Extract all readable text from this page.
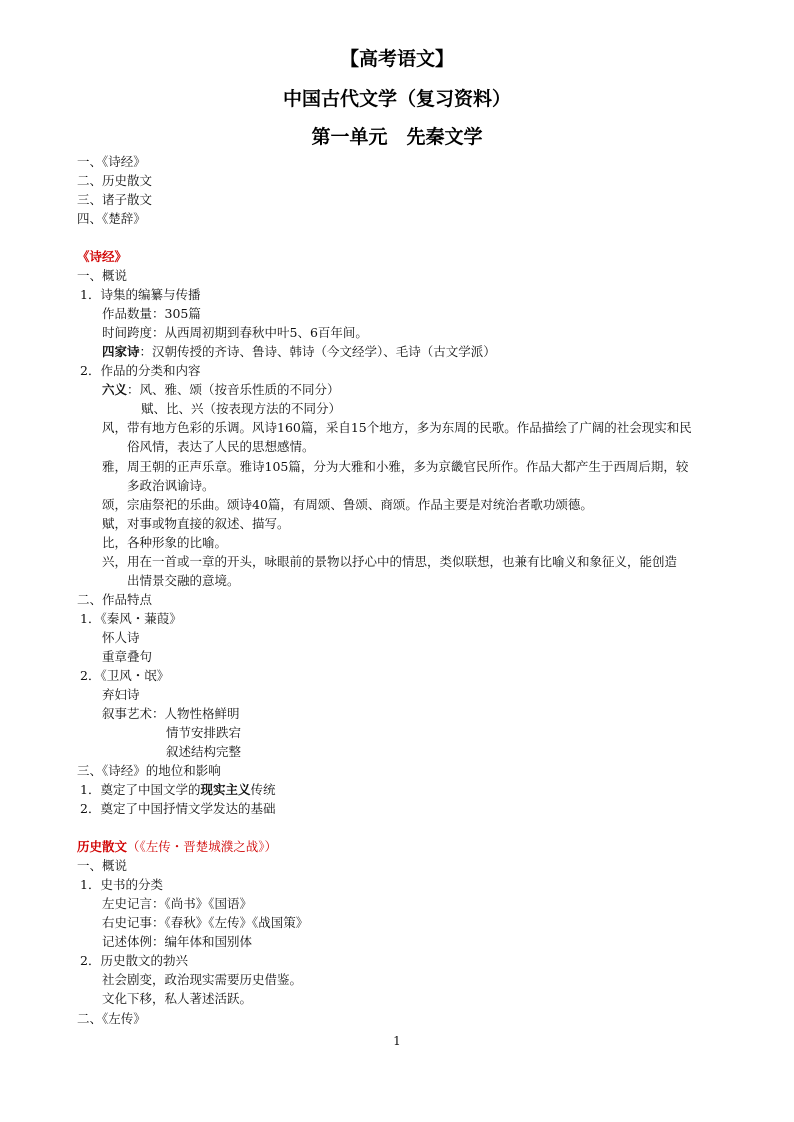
【高考语文】
中国古代文学（复习资料）
第一单元　先秦文学
一、《诗经》
二、历史散文
三、诸子散文
四、《楚辞》
《诗经》
一、概说
1．诗集的编纂与传播
作品数量：305篇
时间跨度：从西周初期到春秋中叶5、6百年间。
四家诗：汉朝传授的齐诗、鲁诗、韩诗（今文经学）、毛诗（古文学派）
2．作品的分类和内容
六义：风、雅、颂（按音乐性质的不同分）
赋、比、兴（按表现方法的不同分）
风，带有地方色彩的乐调。风诗160篇，采自15个地方，多为东周的民歌。作品描绘了广阔的社会现实和民
俗风情，表达了人民的思想感情。
雅，周王朝的正声乐章。雅诗105篇，分为大雅和小雅，多为京畿官民所作。作品大都产生于西周后期，较
多政治讽谕诗。
颂，宗庙祭祀的乐曲。颂诗40篇，有周颂、鲁颂、商颂。作品主要是对统治者歌功颂德。
赋，对事或物直接的叙述、描写。
比，各种形象的比喻。
兴，用在一首或一章的开头，咏眼前的景物以抒心中的情思，类似联想，也兼有比喻义和象征义，能创造
出情景交融的意境。
二、作品特点
1．《秦风・蒹葭》
怀人诗
重章叠句
2．《卫风・氓》
弃妇诗
叙事艺术：人物性格鲜明
情节安排跌宕
叙述结构完整
三、《诗经》的地位和影响
1．奠定了中国文学的现实主义传统
2．奠定了中国抒情文学发达的基础
历史散文（《左传・晋楚城濮之战》）
一、概说
1．史书的分类
左史记言：《尚书》《国语》
右史记事：《春秋》《左传》《战国策》
记述体例：编年体和国别体
2．历史散文的勃兴
社会剧变，政治现实需要历史借鉴。
文化下移，私人著述活跃。
二、《左传》
1
